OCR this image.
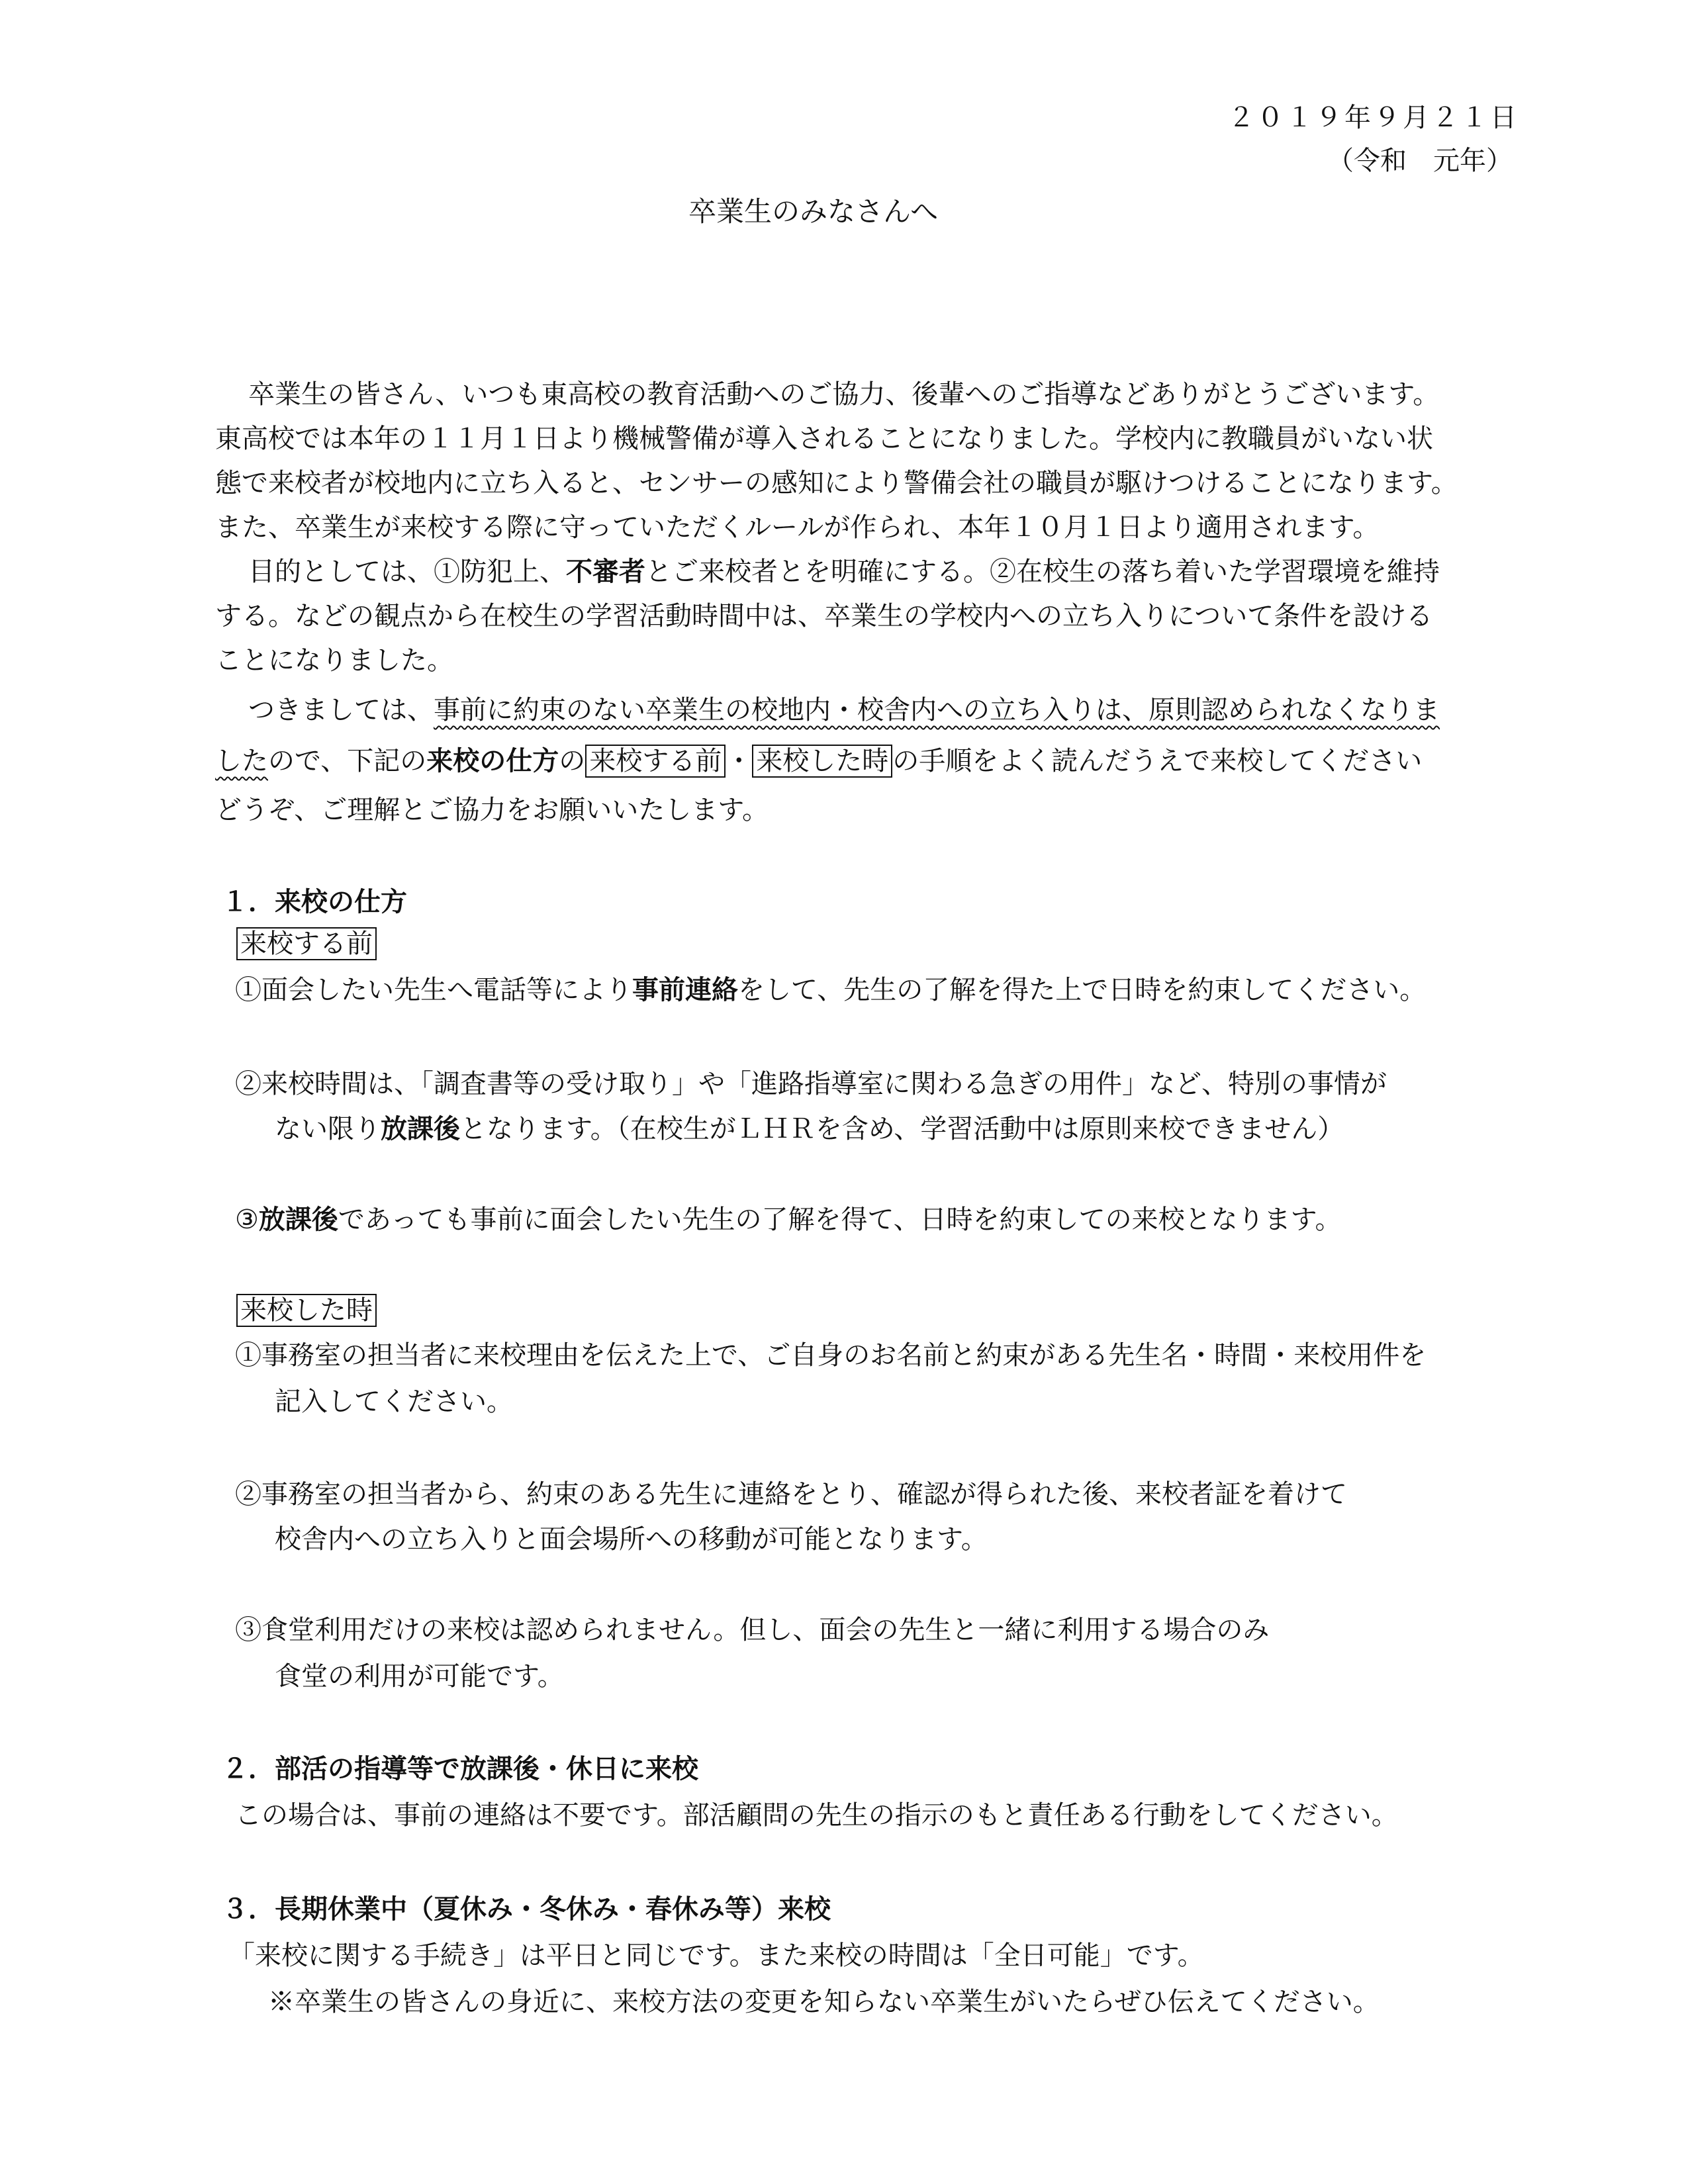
２０１９年９月２１日
（令和　元年）
卒業生のみなさんへ
卒業生の皆さん、いつも東高校の教育活動へのご協力、後輩へのご指導などありがとうございます。
東高校では本年の１１月１日より機械警備が導入されることになりました。学校内に教職員がいない状
態で来校者が校地内に立ち入ると、センサーの感知により警備会社の職員が駆けつけることになります。
また、卒業生が来校する際に守っていただくルールが作られ、本年１０月１日より適用されます。
目的としては、①防犯上、不審者とご来校者とを明確にする。②在校生の落ち着いた学習環境を維持
する。などの観点から在校生の学習活動時間中は、卒業生の学校内への立ち入りについて条件を設ける
ことになりました。
つきましては、事前に約束のない卒業生の校地内・校舎内への立ち入りは、原則認められなくなりま
したので、下記の来校の仕方の 来校する前 ・ 来校した時 の手順をよく読んだうえで来校してください
どうぞ、ご理解とご協力をお願いいたします。
１．来校の仕方
来校する前
①面会したい先生へ電話等により事前連絡をして、先生の了解を得た上で日時を約束してください。
②来校時間は、「調査書等の受け取り」や「進路指導室に関わる急ぎの用件」など、特別の事情が
ない限り放課後となります。（在校生がＬＨＲを含め、学習活動中は原則来校できません）
③放課後であっても事前に面会したい先生の了解を得て、日時を約束しての来校となります。
来校した時
①事務室の担当者に来校理由を伝えた上で、ご自身のお名前と約束がある先生名・時間・来校用件を
記入してください。
②事務室の担当者から、約束のある先生に連絡をとり、確認が得られた後、来校者証を着けて
校舎内への立ち入りと面会場所への移動が可能となります。
③食堂利用だけの来校は認められません。但し、面会の先生と一緒に利用する場合のみ
食堂の利用が可能です。
２．部活の指導等で放課後・休日に来校
この場合は、事前の連絡は不要です。部活顧問の先生の指示のもと責任ある行動をしてください。
３．長期休業中（夏休み・冬休み・春休み等）来校
「来校に関する手続き」は平日と同じです。また来校の時間は「全日可能」です。
※卒業生の皆さんの身近に、来校方法の変更を知らない卒業生がいたらぜひ伝えてください。
